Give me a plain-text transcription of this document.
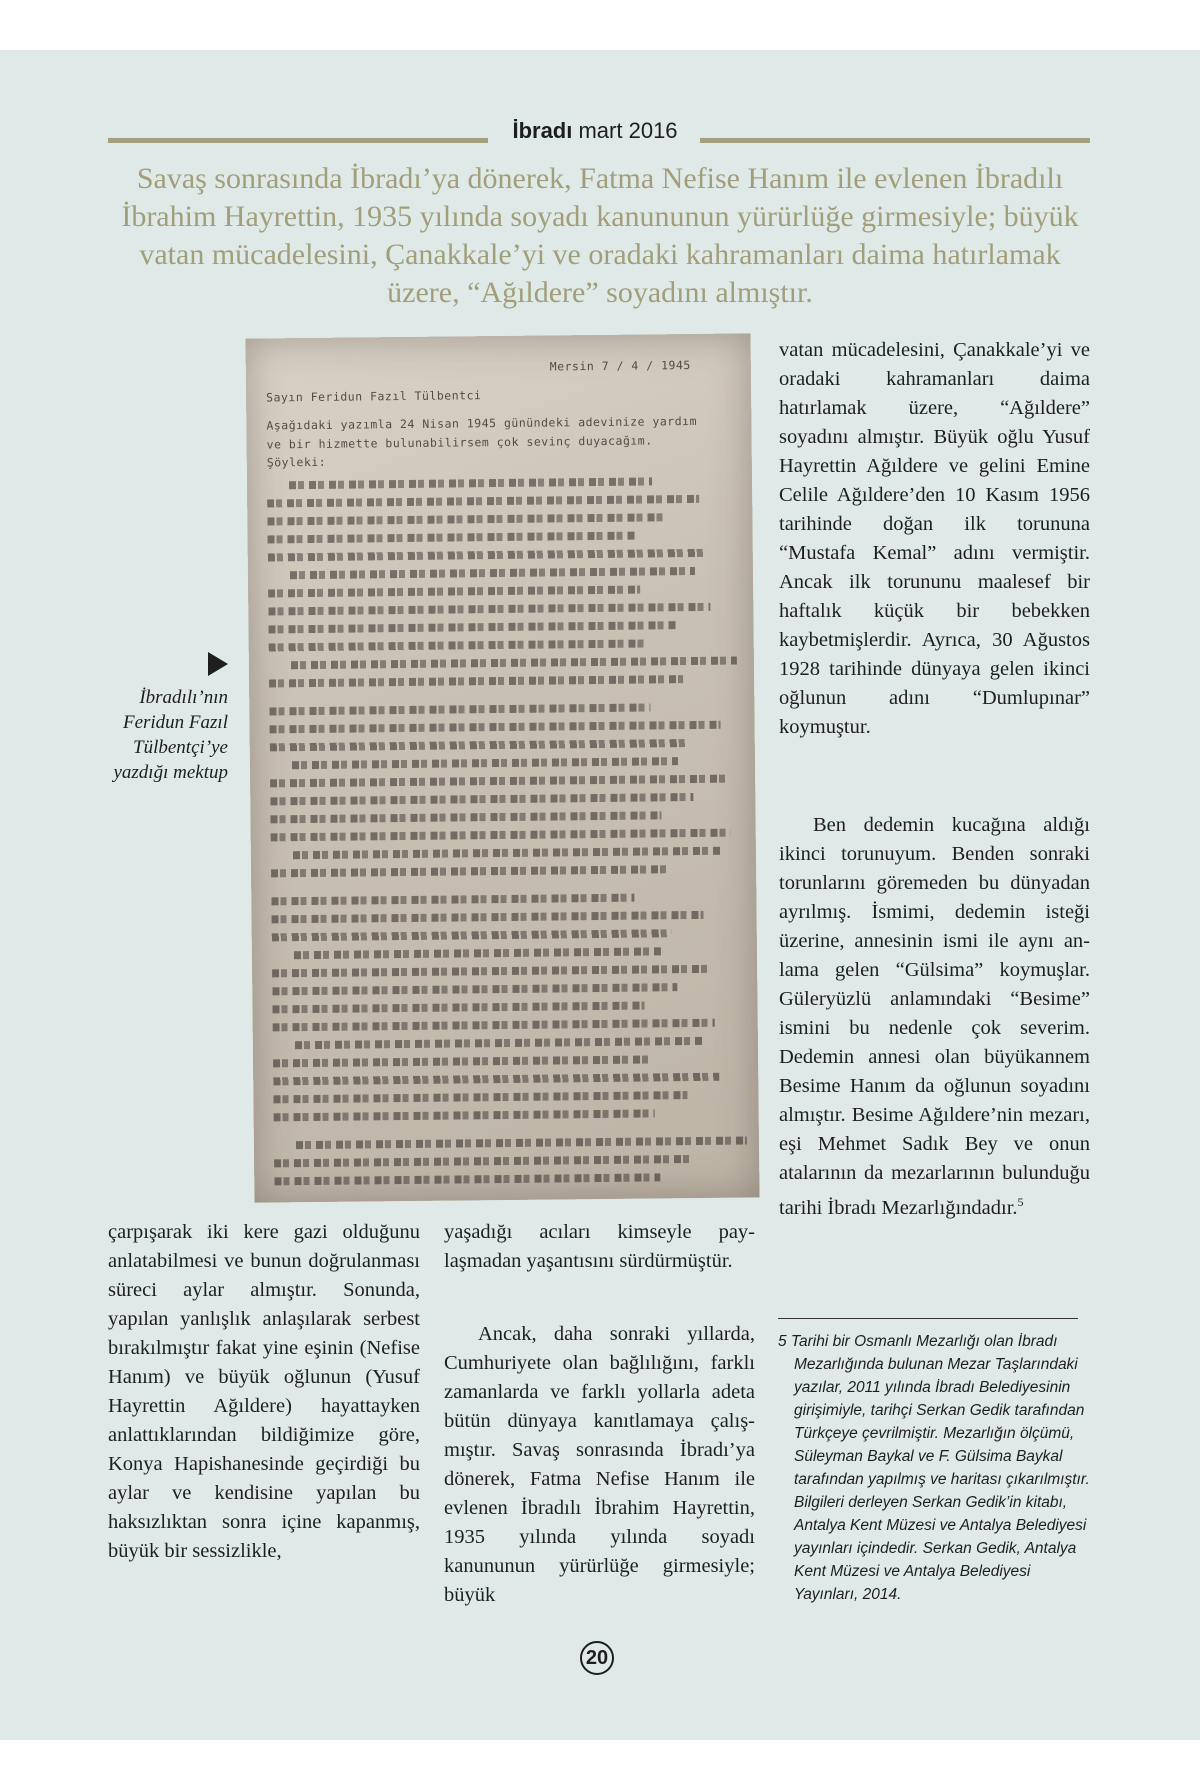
İbradı mart 2016

Savaş sonrasında İbradı’ya dönerek, Fatma Nefise Hanım ile evlenen İbradılı İbrahim Hayrettin, 1935 yılında soyadı kanununun yürürlüğe girmesiyle; büyük vatan mücadelesini, Çanakkale’yi ve oradaki kahramanları daima hatırlamak üzere, “Ağıldere” soyadını almıştır.

İbradılı’nın Feridun Fazıl Tülbentçi’ye yazdığı mektup

Mersin 7 / 4 / 1945
Sayın Feridun Fazıl Tülbentci
Aşağıdaki yazımla 24 Nisan 1945 günündeki adevinize yardım
ve bir hizmette bulunabilirsem çok sevinç duyacağım.
Şöyleki:

vatan mücadelesini, Çanakkale’yi ve oradaki kahramanları daima hatırlamak üzere, “Ağıldere” soyadını almıştır. Büyük oğlu Yusuf Hayrettin Ağıldere ve gelini Emine Celile Ağıldere’den 10 Kasım 1956 tarihinde doğan ilk torununa “Mustafa Kemal” adını vermiştir. Ancak ilk torununu maalesef bir haftalık küçük bir bebekken kaybetmişlerdir. Ayrıca, 30 Ağustos 1928 tarihinde dünyaya gelen ikinci oğlunun adını “Dumlupınar” koymuştur.

Ben dedemin kucağına aldığı ikinci torunuyum. Benden sonraki torunlarını göremeden bu dünyadan ayrılmış. İsmimi, dedemin isteği üzerine, annesinin ismi ile aynı anlama gelen “Gülsima” koymuşlar. Güleryüzlü anlamındaki “Besime” ismini bu nedenle çok severim. Dedemin annesi olan büyükannem Besime Hanım da oğlunun soyadını almıştır. Besime Ağıldere’nin mezarı, eşi Mehmet Sadık Bey ve onun atalarının da mezarlarının bulunduğu tarihi İbradı Mezarlığındadır.$^5$

çarpışarak iki kere gazi olduğunu anlatabilmesi ve bunun doğrulanması süreci aylar almıştır. Sonunda, yapılan yanlışlık anlaşılarak serbest bırakılmıştır fakat yine eşinin (Nefise Hanım) ve büyük oğlunun (Yusuf Hayrettin Ağıldere) hayattayken anlattıklarından bildiğimize göre, Konya Hapishanesinde geçirdiği bu aylar ve kendisine yapılan bu haksızlıktan sonra içine kapanmış, büyük bir sessizlikle,

yaşadığı acıları kimseyle paylaşmadan yaşantısını sürdürmüştür.

Ancak, daha sonraki yıllarda, Cumhuriyete olan bağlılığını, farklı zamanlarda ve farklı yollarla adeta bütün dünyaya kanıtlamaya çalışmıştır. Savaş sonrasında İbradı’ya dönerek, Fatma Nefise Hanım ile evlenen İbradılı İbrahim Hayrettin, 1935 yılında yılında soyadı kanununun yürürlüğe girmesiyle; büyük

5 Tarihi bir Osmanlı Mezarlığı olan İbradı Mezarlığında bulunan Mezar Taşlarındaki yazılar, 2011 yılında İbradı Belediyesinin girişimiyle, tarihçi Serkan Gedik tarafından Türkçeye çevrilmiştir. Mezarlığın ölçümü, Süleyman Baykal ve F. Gülsima Baykal tarafından yapılmış ve haritası çıkarılmıştır. Bilgileri derleyen Serkan Gedik’in kitabı, Antalya Kent Müzesi ve Antalya Belediyesi yayınları içindedir. Serkan Gedik, Antalya Kent Müzesi ve Antalya Belediyesi Yayınları, 2014.

20
